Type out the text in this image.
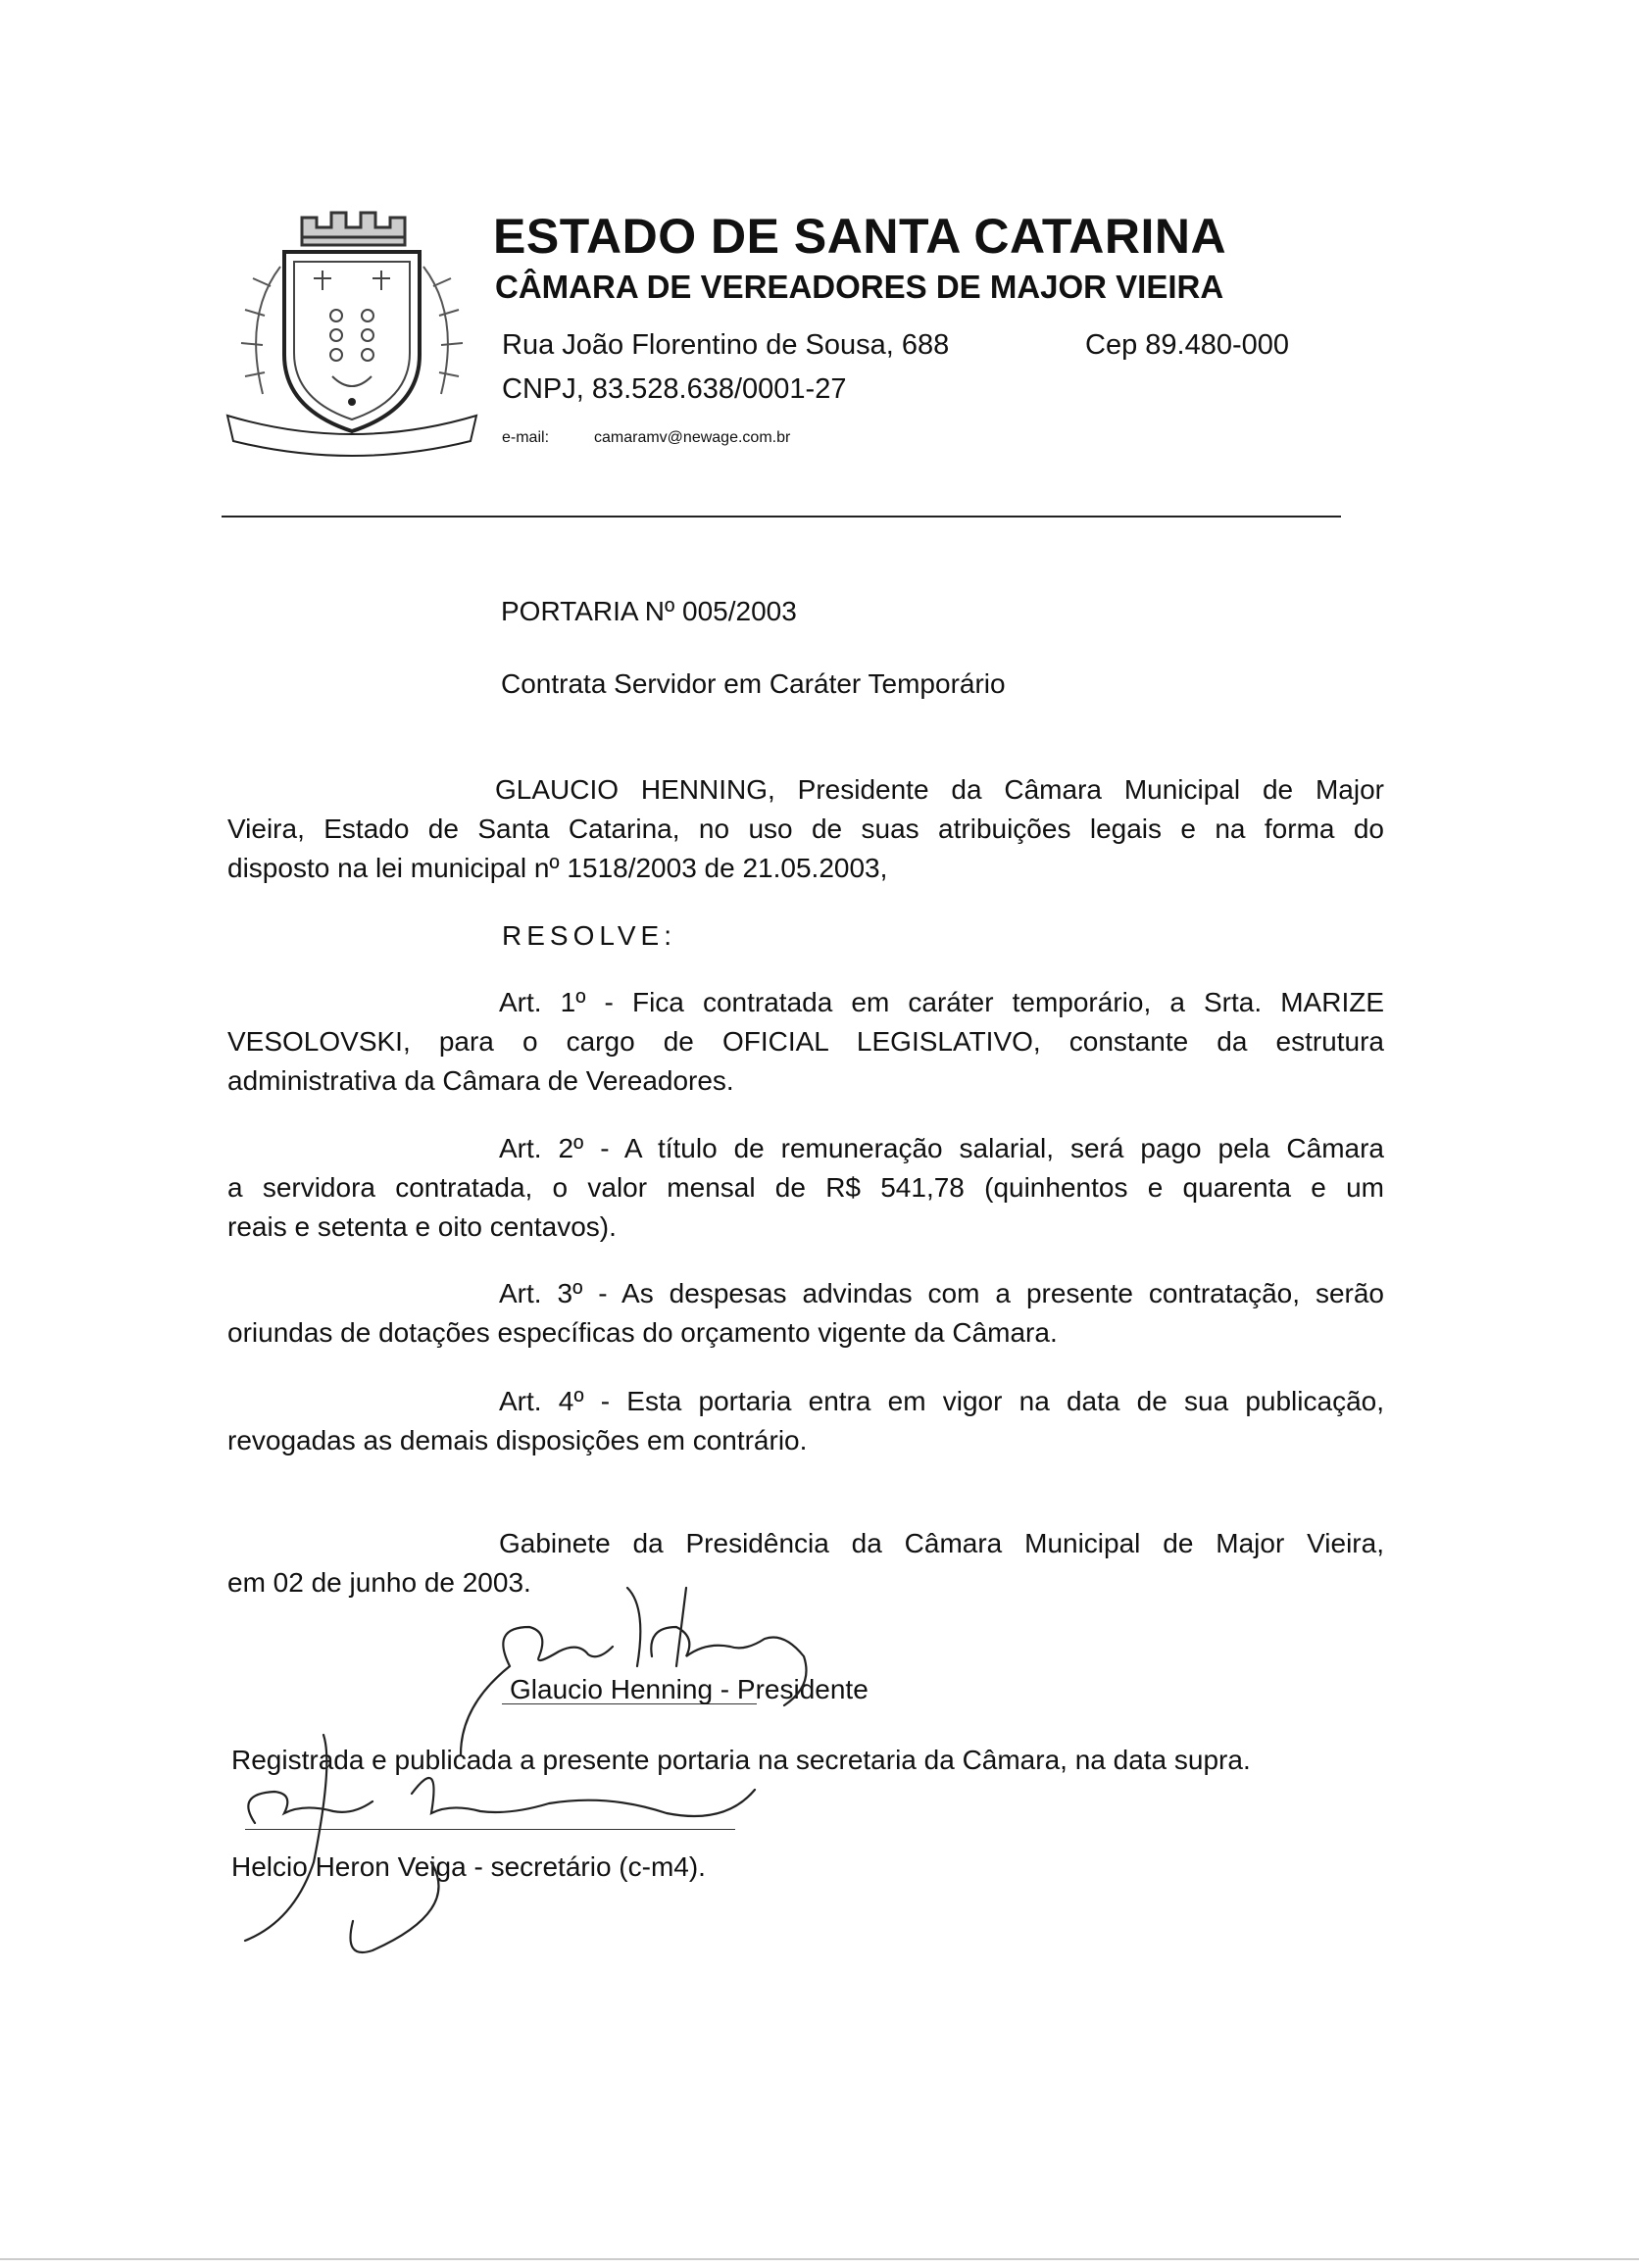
ESTADO DE SANTA CATARINA
CÂMARA DE VEREADORES DE MAJOR VIEIRA
Rua João Florentino de Sousa, 688	Cep 89.480-000
CNPJ, 83.528.638/0001-27
e-mail:	camaramv@newage.com.br
PORTARIA Nº 005/2003
Contrata Servidor em Caráter Temporário
GLAUCIO HENNING, Presidente da Câmara Municipal de Major
Vieira, Estado de Santa Catarina, no uso de suas atribuições legais e na forma do
disposto na lei municipal nº 1518/2003 de 21.05.2003,
RESOLVE:
Art. 1º - Fica contratada em caráter temporário, a Srta. MARIZE
VESOLOVSKI, para o cargo de OFICIAL LEGISLATIVO, constante da estrutura
administrativa da Câmara de Vereadores.
Art. 2º - A título de remuneração salarial, será pago pela Câmara
a servidora contratada, o valor mensal de R$ 541,78 (quinhentos e quarenta e um
reais e setenta e oito centavos).
Art. 3º - As despesas advindas com a presente contratação, serão
oriundas de dotações específicas do orçamento vigente da Câmara.
Art. 4º - Esta portaria entra em vigor na data de sua publicação,
revogadas as demais disposições em contrário.
Gabinete da Presidência da Câmara Municipal de Major Vieira,
em 02 de junho de 2003.
Glaucio Henning - Presidente
Registrada e publicada a presente portaria na secretaria da Câmara, na data supra.
Helcio Heron Veiga - secretário (c-m4).
